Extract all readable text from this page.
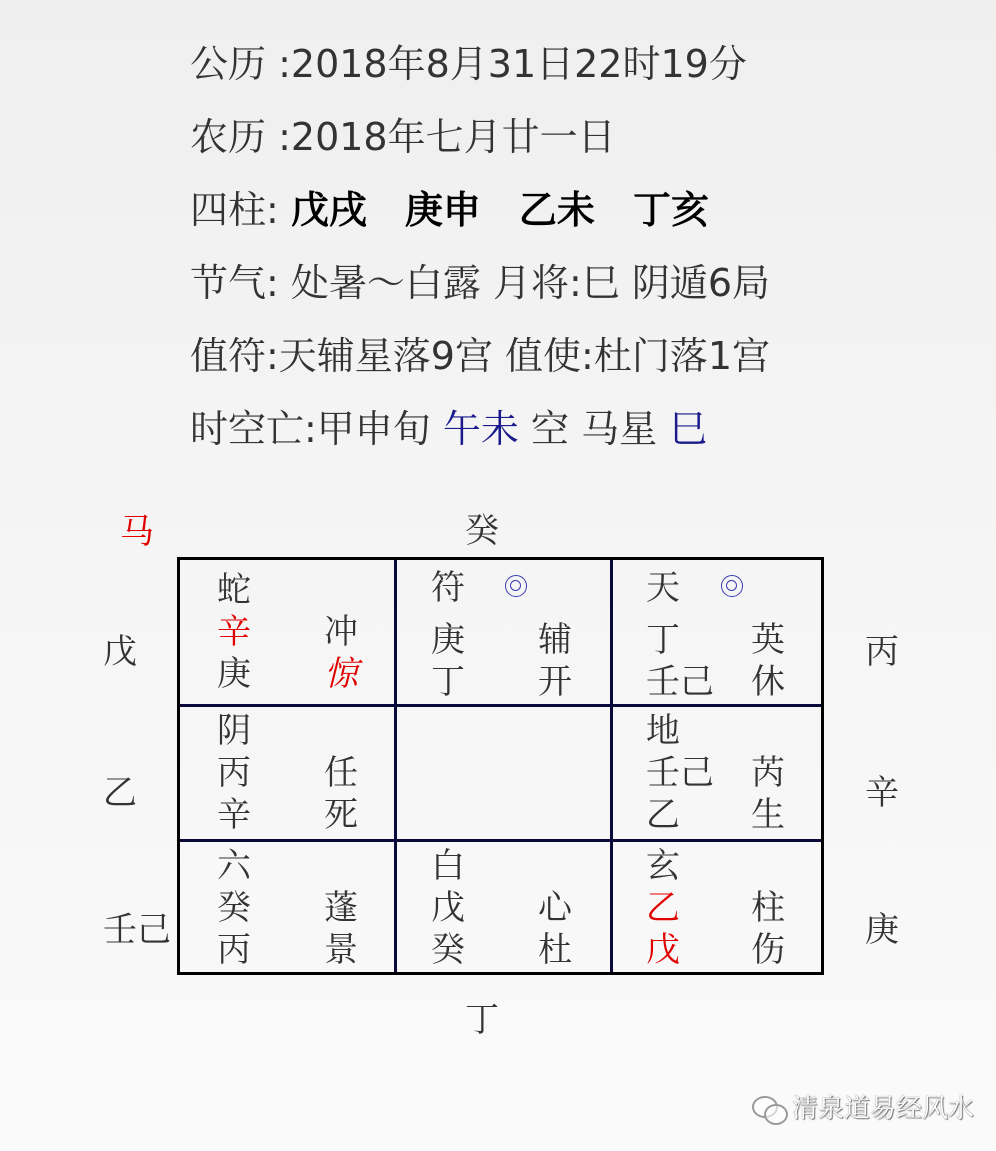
公历 :2018年8月31日22时19分
农历 :2018年七月廿一日
四柱: 戊戌 庚申 乙未 丁亥
节气: 处暑～白露 月将:巳 阴遁6局
值符:天辅星落9宫 值使:杜门落1宫
时空亡:甲申旬 午未 空 马星 巳
马	癸
丁
戊
乙
壬己
丙
辛
庚
蛇
辛
庚
冲
惊
符
庚
丁
辅
开
天
丁
壬己
英
休
阴
丙
辛
任
死
地
壬己
乙
芮
生
六
癸
丙
蓬
景
白
戊
癸
心
杜
玄
乙
戊
柱
伤
清泉道易经风水
